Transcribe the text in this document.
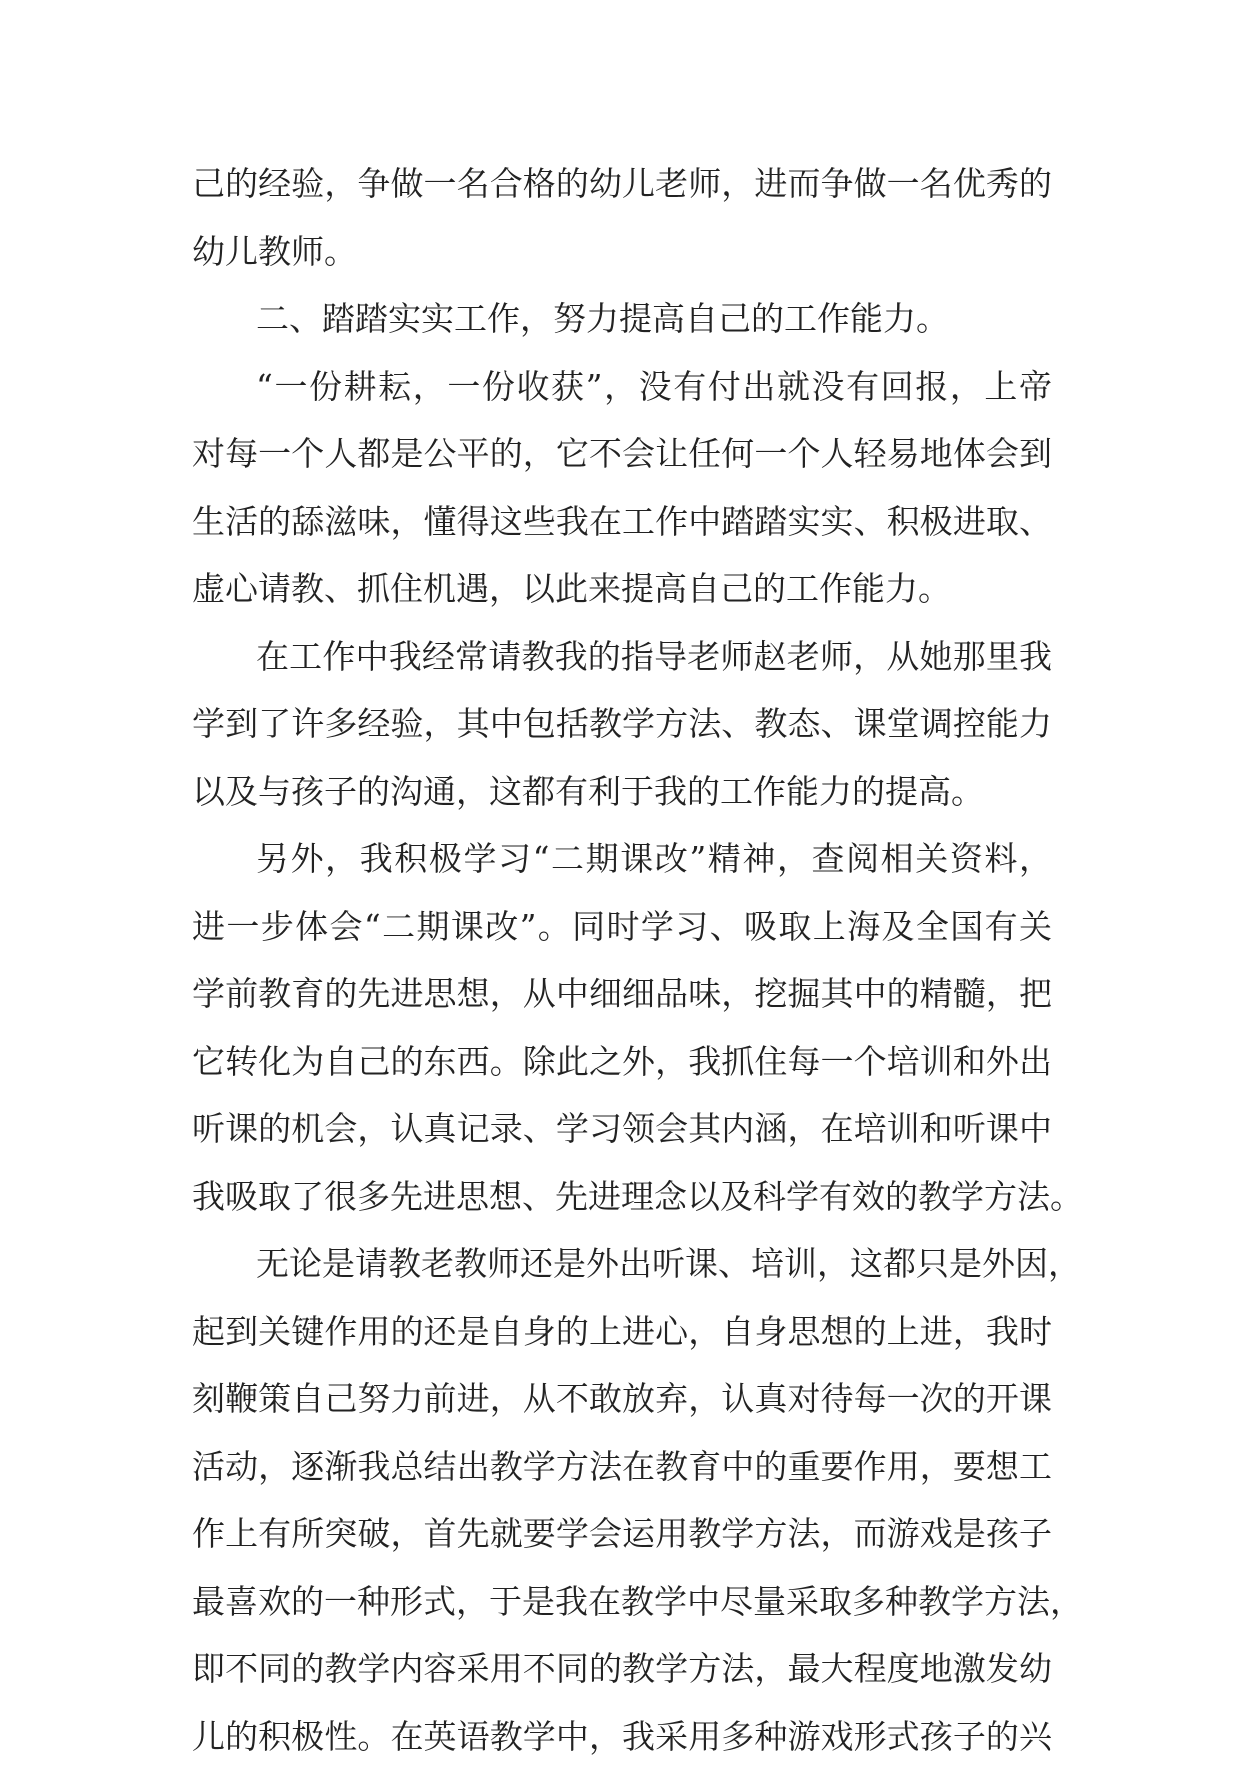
己的经验，争做一名合格的幼儿老师，进而争做一名优秀的
幼儿教师。
二、踏踏实实工作，努力提高自己的工作能力。
“一份耕耘，一份收获”，没有付出就没有回报，上帝
对每一个人都是公平的，它不会让任何一个人轻易地体会到
生活的舔滋味，懂得这些我在工作中踏踏实实、积极进取、
虚心请教、抓住机遇，以此来提高自己的工作能力。
在工作中我经常请教我的指导老师赵老师，从她那里我
学到了许多经验，其中包括教学方法、教态、课堂调控能力
以及与孩子的沟通，这都有利于我的工作能力的提高。
另外，我积极学习“二期课改”精神，查阅相关资料，
进一步体会“二期课改”。同时学习、吸取上海及全国有关
学前教育的先进思想，从中细细品味，挖掘其中的精髓，把
它转化为自己的东西。除此之外，我抓住每一个培训和外出
听课的机会，认真记录、学习领会其内涵，在培训和听课中
我吸取了很多先进思想、先进理念以及科学有效的教学方法。
无论是请教老教师还是外出听课、培训，这都只是外因，
起到关键作用的还是自身的上进心，自身思想的上进，我时
刻鞭策自己努力前进，从不敢放弃，认真对待每一次的开课
活动，逐渐我总结出教学方法在教育中的重要作用，要想工
作上有所突破，首先就要学会运用教学方法，而游戏是孩子
最喜欢的一种形式，于是我在教学中尽量采取多种教学方法，
即不同的教学内容采用不同的教学方法，最大程度地激发幼
儿的积极性。在英语教学中，我采用多种游戏形式孩子的兴
